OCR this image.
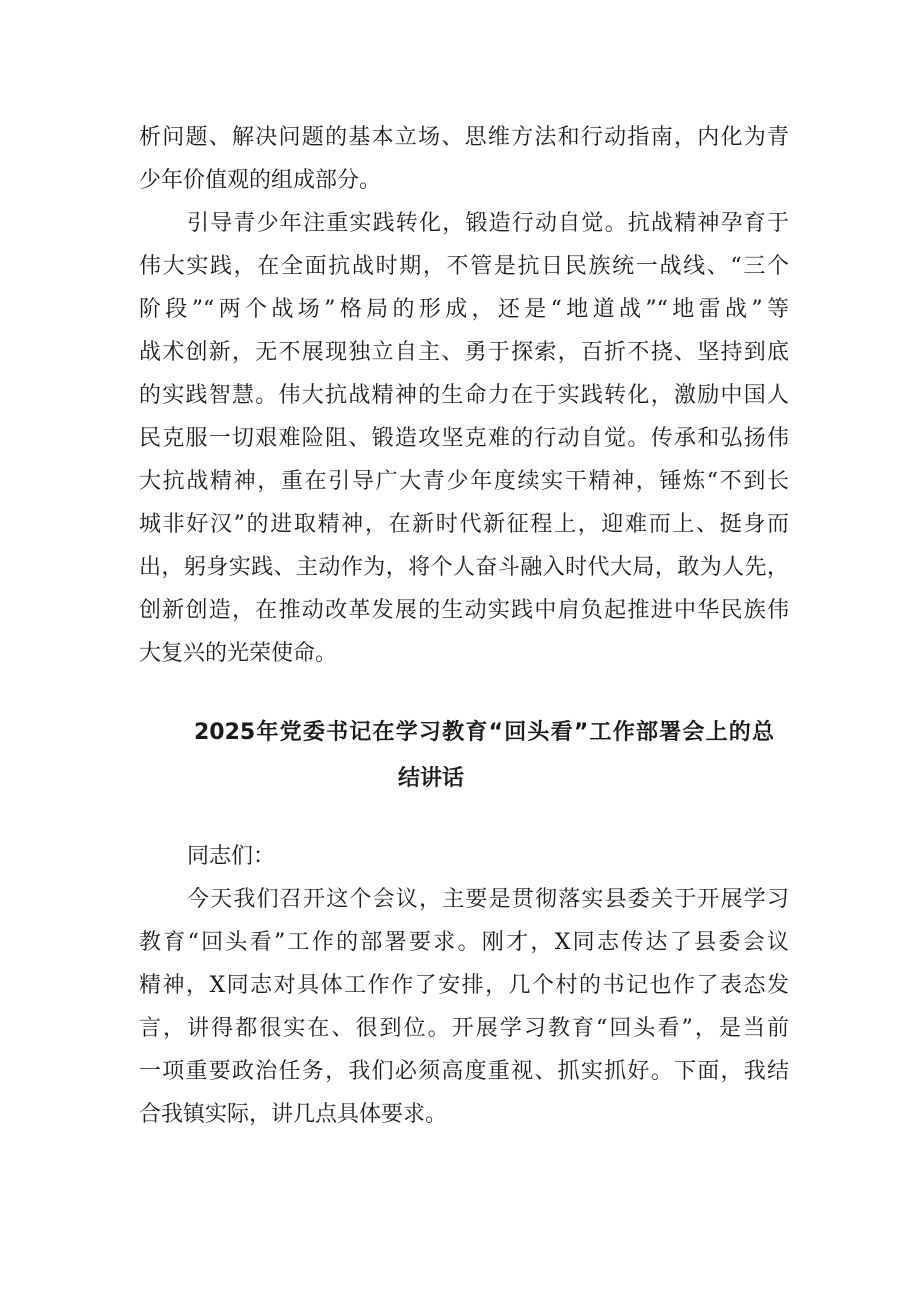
析问题、解决问题的基本立场、思维方法和行动指南，内化为青
少年价值观的组成部分。
引导青少年注重实践转化，锻造行动自觉。抗战精神孕育于
伟大实践，在全面抗战时期，不管是抗日民族统一战线、“三个
阶段”“两个战场”格局的形成，还是“地道战”“地雷战”等
战术创新，无不展现独立自主、勇于探索，百折不挠、坚持到底
的实践智慧。伟大抗战精神的生命力在于实践转化，激励中国人
民克服一切艰难险阻、锻造攻坚克难的行动自觉。传承和弘扬伟
大抗战精神，重在引导广大青少年度续实干精神，锤炼“不到长
城非好汉”的进取精神，在新时代新征程上，迎难而上、挺身而
出，躬身实践、主动作为，将个人奋斗融入时代大局，敢为人先，
创新创造，在推动改革发展的生动实践中肩负起推进中华民族伟
大复兴的光荣使命。
2025年党委书记在学习教育“回头看”工作部署会上的总
结讲话
同志们：
今天我们召开这个会议，主要是贯彻落实县委关于开展学习
教育“回头看”工作的部署要求。刚才，X同志传达了县委会议
精神，X同志对具体工作作了安排，几个村的书记也作了表态发
言，讲得都很实在、很到位。开展学习教育“回头看”，是当前
一项重要政治任务，我们必须高度重视、抓实抓好。下面，我结
合我镇实际，讲几点具体要求。
